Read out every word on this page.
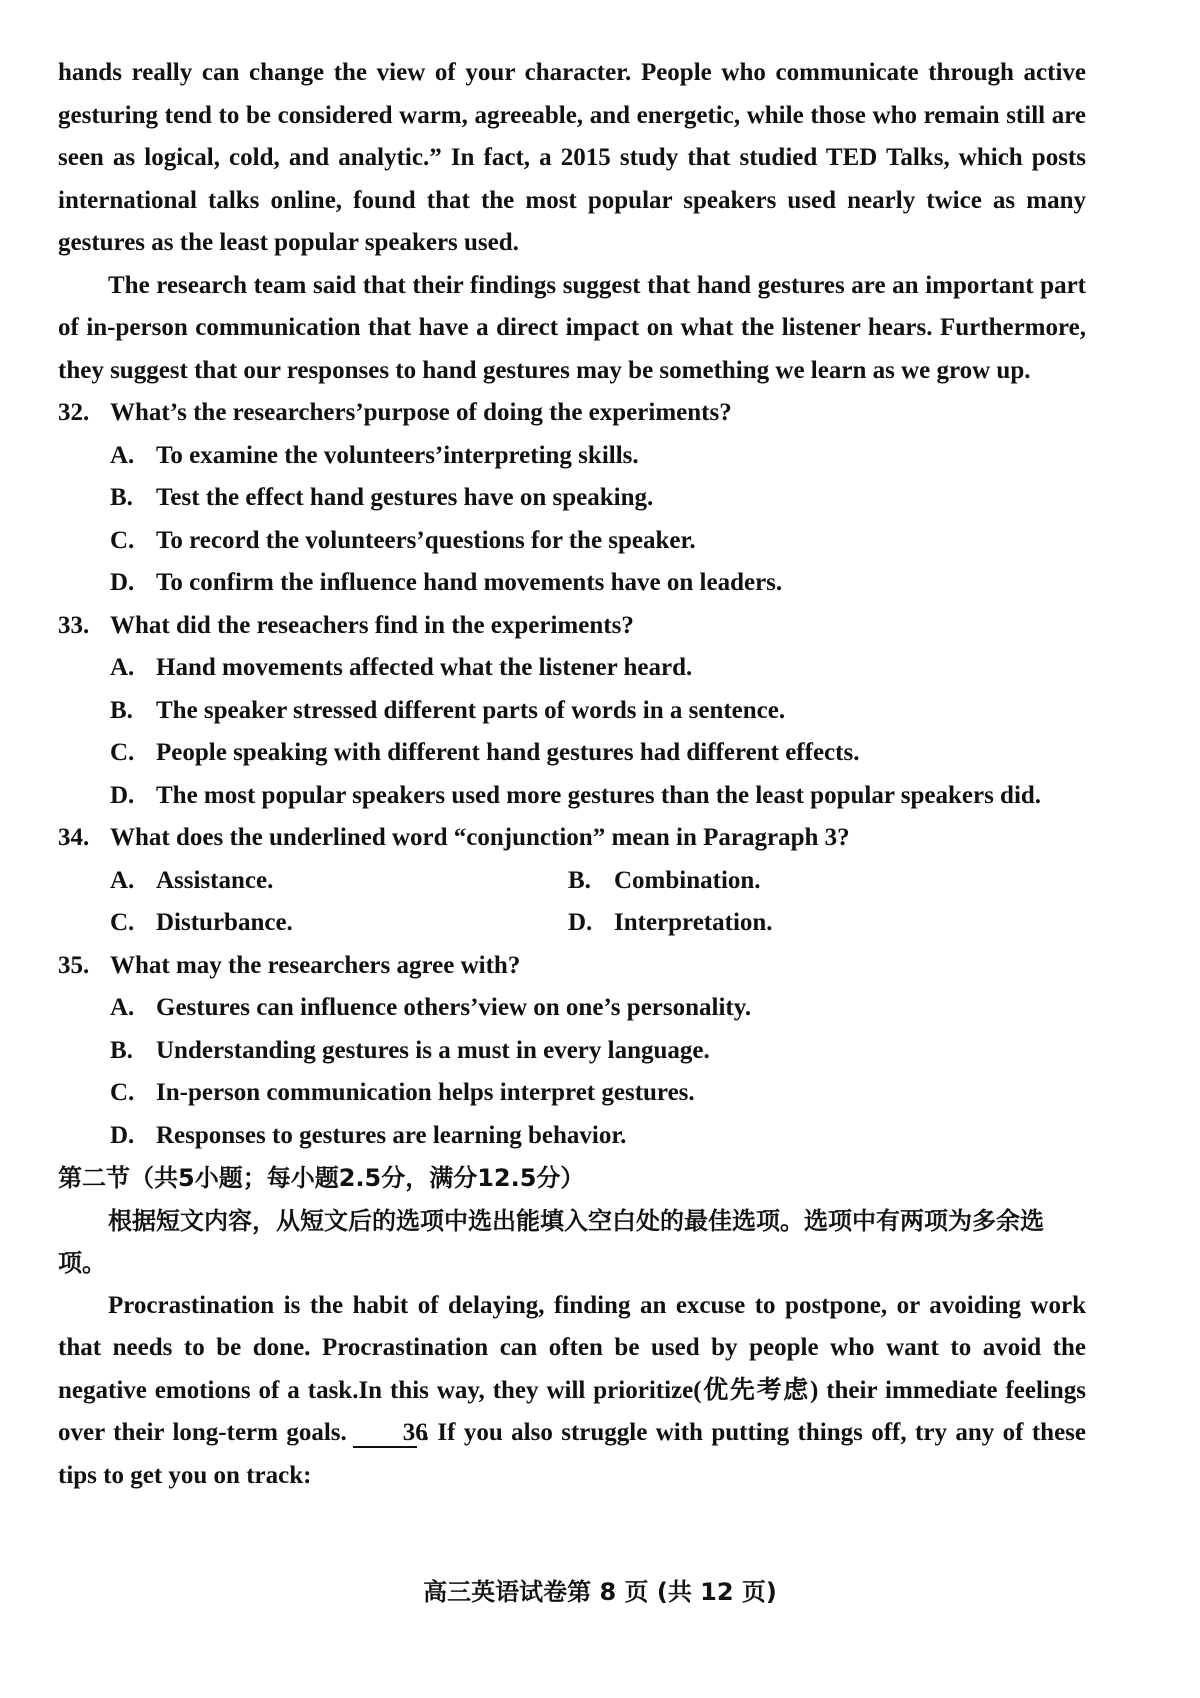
hands really can change the view of your character. People who communicate through active gesturing tend to be considered warm, agreeable, and energetic, while those who remain still are seen as logical, cold, and analytic.” In fact, a 2015 study that studied TED Talks, which posts international talks online, found that the most popular speakers used nearly twice as many gestures as the least popular speakers used.

The research team said that their findings suggest that hand gestures are an important part of in-person communication that have a direct impact on what the listener hears. Furthermore, they suggest that our responses to hand gestures may be something we learn as we grow up.

32. What’s the researchers’purpose of doing the experiments?
A. To examine the volunteers’interpreting skills.
B. Test the effect hand gestures have on speaking.
C. To record the volunteers’questions for the speaker.
D. To confirm the influence hand movements have on leaders.
33. What did the reseachers find in the experiments?
A. Hand movements affected what the listener heard.
B. The speaker stressed different parts of words in a sentence.
C. People speaking with different hand gestures had different effects.
D. The most popular speakers used more gestures than the least popular speakers did.
34. What does the underlined word “conjunction” mean in Paragraph 3?
A. Assistance.	B. Combination.
C. Disturbance.	D. Interpretation.
35. What may the researchers agree with?
A. Gestures can influence others’view on one’s personality.
B. Understanding gestures is a must in every language.
C. In-person communication helps interpret gestures.
D. Responses to gestures are learning behavior.

第二节（共5小题；每小题2.5分，满分12.5分）

根据短文内容，从短文后的选项中选出能填入空白处的最佳选项。选项中有两项为多余选项。

Procrastination is the habit of delaying, finding an excuse to postpone, or avoiding work that needs to be done. Procrastination can often be used by people who want to avoid the negative emotions of a task.In this way, they will prioritize(优先考虑) their immediate feelings over their long-term goals. 36. If you also struggle with putting things off, try any of these tips to get you on track:

高三英语试卷第 8 页 (共 12 页)
